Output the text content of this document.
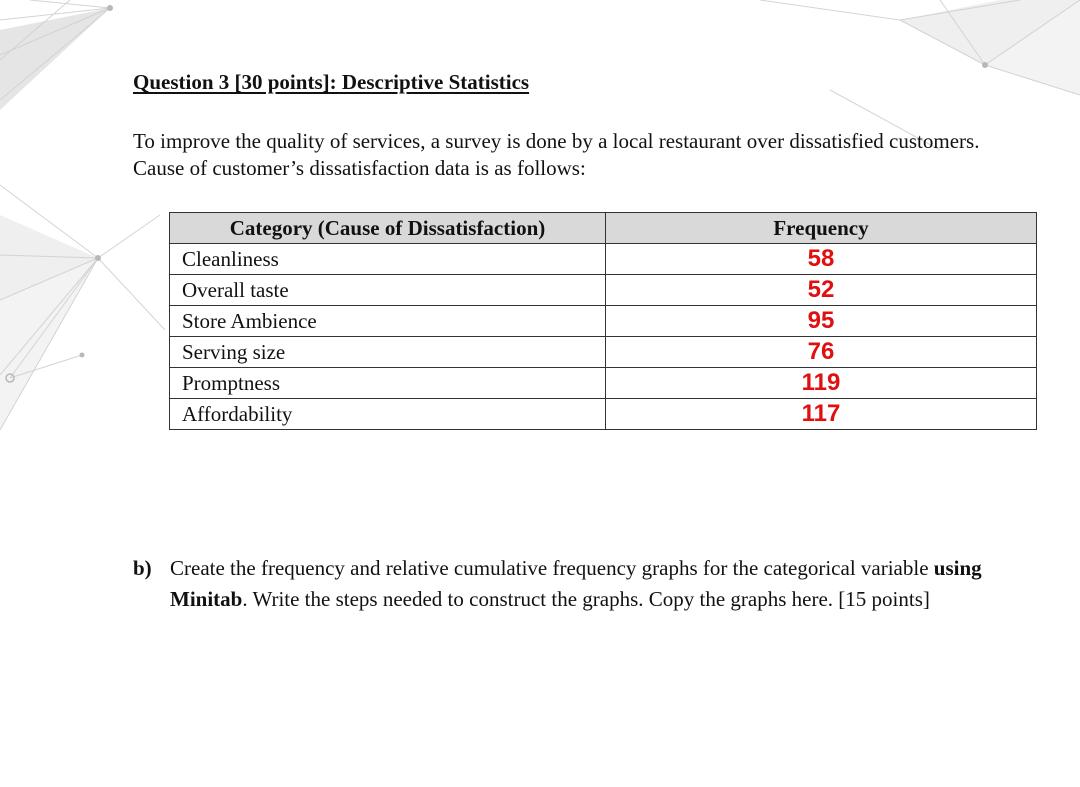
Question 3 [30 points]: Descriptive Statistics
To improve the quality of services, a survey is done by a local restaurant over dissatisfied customers. Cause of customer’s dissatisfaction data is as follows:
Category (Cause of Dissatisfaction)	Frequency
Cleanliness	58
Overall taste	52
Store Ambience	95
Serving size	76
Promptness	119
Affordability	117
b) Create the frequency and relative cumulative frequency graphs for the categorical variable using Minitab. Write the steps needed to construct the graphs. Copy the graphs here. [15 points]
